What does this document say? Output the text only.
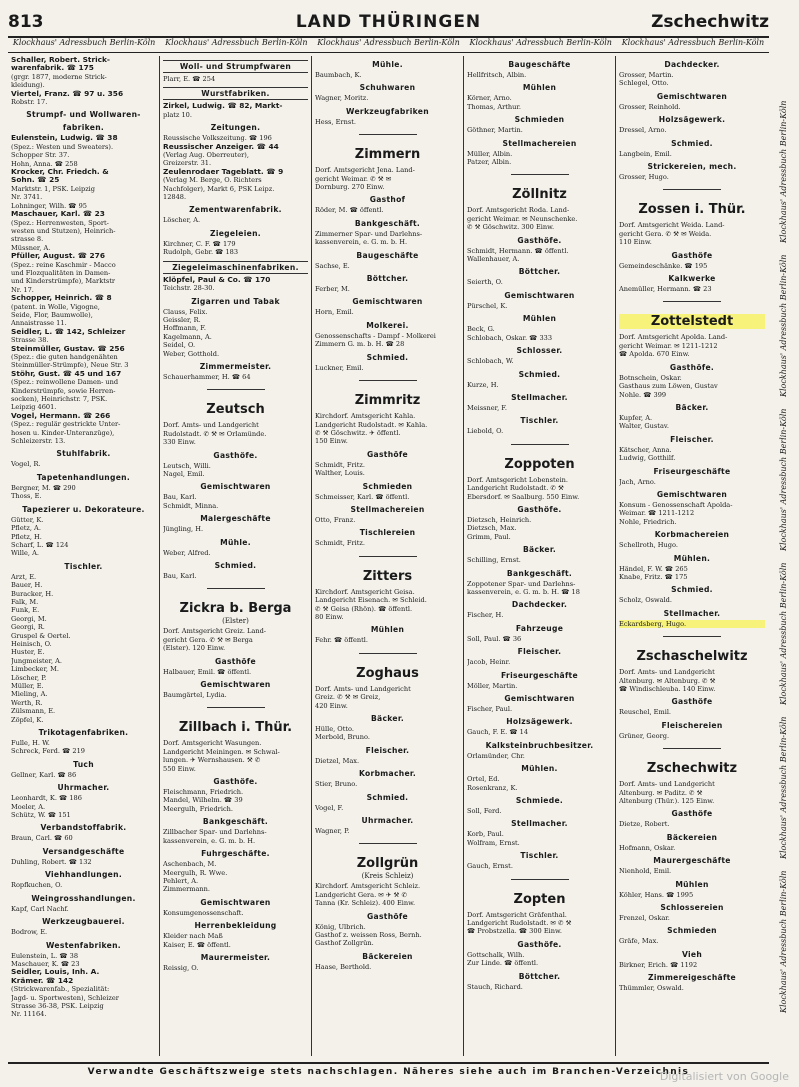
813	LAND THÜRINGEN	Zschechwitz
Klockhaus' Adressbuch Berlin-Köln	Klockhaus' Adressbuch Berlin-Köln	Klockhaus' Adressbuch Berlin-Köln	Klockhaus' Adressbuch Berlin-Köln	Klockhaus' Adressbuch Berlin-Köln
Schaller, Robert. Strick-
warenfabrik. ☎ 175
(grgr. 1877, moderne Strick-
kleidung).
Viertel, Franz. ☎ 97 u. 356
Robstr. 17.
Strumpf- und Wollwaren-
fabriken.
Eulenstein, Ludwig. ☎ 38
(Spez.: Westen und Sweaters).
Schopper Str. 37.
Hohn, Anna. ☎ 258
Krocker, Chr. Friedch. &
Sohn. ☎ 25
Marktstr. 1, PSK. Leipzig
Nr. 3741.
Lohninger, Wilh. ☎ 95
Maschauer, Karl. ☎ 23
(Spez.: Herrenwesten, Sport-
westen und Stutzen), Heinrich-
strasse 8.
Müssner, A.
Pfüller, August. ☎ 276
(Spez.: reine Kaschmir - Macco
und Flozqualitäten in Damen-
und Kinderstrümpfe), Marktstr
Nr. 17.
Schopper, Heinrich. ☎ 8
(patent. in Wolle, Vigogne,
Seide, Flor, Baumwolle),
Annaistrasse 11.
Seidler, L. ☎ 142, Schleizer
Strasse 38.
Steinmüller, Gustav. ☎ 256
(Spez.: die guten handgenähten
Steinmüller-Strümpfe), Neue Str. 3
Stöhr, Gust. ☎ 45 und 167
(Spez.: reinwollene Damen- und
Kinderstrümpfe, sowie Herren-
socken), Heinrichstr. 7, PSK.
Leipzig 4601.
Vogel, Hermann. ☎ 266
(Spez.: regulär gestrickte Unter-
hosen u. Kinder-Unteranzüge),
Schleizerstr. 13.
Stuhlfabrik.
Vogel, R.
Tapetenhandlungen.
Bergner, M. ☎ 290
Thoss, E.
Tapezierer u. Dekorateure.
Gütter, K.
Pfletz, A.
Pfletz, H.
Scharf, L. ☎ 124
Wille, A.
Tischler.
Arzt, E.
Bauer, H.
Buracker, H.
Falk, M.
Funk, E.
Georgi, M.
Georgi, R.
Gruspel & Oertel.
Heinisch, O.
Huster, E.
Jungmeister, A.
Limbecker, M.
Löscher, P.
Müller, E.
Mieling, A.
Werth, R.
Zülsmann, E.
Zöpfel, K.
Trikotagenfabriken.
Fulle, H. W.
Schreck, Ferd. ☎ 219
Tuch
Gellner, Karl. ☎ 86
Uhrmacher.
Leonhardt, K. ☎ 186
Moeler, A.
Schütz, W. ☎ 151
Verbandstoffabrik.
Braun, Carl. ☎ 60
Versandgeschäfte
Duhling, Robert. ☎ 132
Viehhandlungen.
Ropfkuchen, O.
Weingrosshandlungen.
Kapf, Carl Nachf.
Werkzeugbauerei.
Bodrow, E.
Westenfabriken.
Eulenstein, L. ☎ 38
Maschauer, K. ☎ 23
Seidler, Louis, Inh. A.
Krämer. ☎ 142
(Strickwarenfab., Spezialität:
Jagd- u. Sportwesten), Schleizer
Strasse 36-38, PSK. Leipzig
Nr. 11164.
Woll- und Strumpfwaren
Plarr, E. ☎ 254
Wurstfabriken.
Zirkel, Ludwig. ☎ 82, Markt-
platz 10.
Zeitungen.
Reussische Volkszeitung. ☎ 196
Reussischer Anzeiger. ☎ 44
(Verlag Aug. Oberreuter),
Greizerstr. 31.
Zeulenrodaer Tageblatt. ☎ 9
(Verlag M. Berge, O. Richters
Nachfolger), Markt 6, PSK Leipz.
12848.
Zementwarenfabrik.
Löscher, A.
Ziegeleien.
Kirchner, C. F. ☎ 179
Rudolph, Gebr. ☎ 183
Ziegeleimaschinenfabriken.
Klöpfel, Paul & Co. ☎ 170
Teichstr. 28-30.
Zigarren und Tabak
Clauss, Felix.
Geissler, R.
Hoffmann, F.
Kagelmann, A.
Seidel, O.
Weber, Gotthold.
Zimmermeister.
Schauerhammer, H. ☎ 64
Zeutsch
Dorf. Amts- und Landgericht
Rudolstadt. ✆ ⚒ ✉ Orlamünde.
330 Einw.
Gasthöfe.
Leutsch, Willi.
Nagel, Emil.
Gemischtwaren
Bau, Karl.
Schmidt, Minna.
Malergeschäfte
Jüngling, H.
Mühle.
Weber, Alfred.
Schmied.
Bau, Karl.
Zickra b. Berga
(Elster)
Dorf. Amtsgericht Greiz. Land-
gericht Gera. ✆ ⚒ ✉ Berga
(Elster). 120 Einw.
Gasthöfe
Halbauer, Emil. ☎ öffentl.
Gemischtwaren
Baumgärtel, Lydia.
Zillbach i. Thür.
Dorf. Amtsgericht Wasungen.
Landgericht Meiningen. ✉ Schwal-
lungen. ✈ Wernshausen. ⚒ ✆
550 Einw.
Gasthöfe.
Fleischmann, Friedrich.
Mandel, Wilhelm. ☎ 39
Meergulh, Friedrich.
Bankgeschäft.
Zillbacher Spar- und Darlehns-
kassenverein, e. G. m. b. H.
Fuhrgeschäfte.
Aschenbach, M.
Meergulh, R. Wwe.
Pehlert, A.
Zimmermann.
Gemischtwaren
Konsumgenossenschaft.
Herrenbekleidung
Kleider nach Maß
Kaiser, E. ☎ öffentl.
Maurermeister.
Reissig, O.
Mühle.
Baumbach, K.
Schuhwaren
Wagner, Moritz.
Werkzeugfabriken
Hess, Ernst.
Zimmern
Dorf. Amtsgericht Jena. Land-
gericht Weimar. ✆ ⚒ ✉
Dornburg. 270 Einw.
Gasthof
Röder, M. ☎ öffentl.
Bankgeschäft.
Zimmerner Spar- und Darlehns-
kassenverein, e. G. m. b. H.
Baugeschäfte
Sachse, E.
Böttcher.
Ferber, M.
Gemischtwaren
Horn, Emil.
Molkerei.
Genossenschafts - Dampf - Molkerei
Zimmern G. m. b. H. ☎ 28
Schmied.
Luckner, Emil.
Zimmritz
Kirchdorf. Amtsgericht Kahla.
Landgericht Rudolstadt. ✉ Kahla.
✆ ⚒ Göschwitz. ✈ öffentl.
150 Einw.
Gasthöfe
Schmidt, Fritz.
Walther, Louis.
Schmieden
Schmeisser, Karl. ☎ öffentl.
Stellmachereien
Otto, Franz.
Tischlereien
Schmidt, Fritz.
Zitters
Kirchdorf. Amtsgericht Geisa.
Landgericht Eisenach. ✉ Schleid.
✆ ⚒ Geisa (Rhön). ☎ öffentl.
80 Einw.
Mühlen
Fehr. ☎ öffentl.
Zoghaus
Dorf. Amts- und Landgericht
Greiz. ✆ ⚒ ✉ Greiz,
420 Einw.
Bäcker.
Hülle, Otto.
Merbold, Bruno.
Fleischer.
Dietzel, Max.
Korbmacher.
Stier, Bruno.
Schmied.
Vogel, F.
Uhrmacher.
Wagner, P.
Zollgrün
(Kreis Schleiz)
Kirchdorf. Amtsgericht Schleiz.
Landgericht Gera. ✉ ✈ ⚒ ✆
Tanna (Kr. Schleiz). 400 Einw.
Gasthöfe
König, Ulbrich.
Gasthof z. weissen Ross, Bernh.
Gasthof Zollgrün.
Bäckereien
Haase, Berthold.
Baugeschäfte
Hellfritsch, Albin.
Mühlen
Körner, Arno.
Thomas, Arthur.
Schmieden
Göthner, Martin.
Stellmachereien
Müller, Albin.
Patzer, Albin.
Zöllnitz
Dorf. Amtsgericht Roda. Land-
gericht Weimar. ✉ Neunschenke.
✆ ⚒ Göschwitz. 300 Einw.
Gasthöfe.
Schmidt, Hermann. ☎ öffentl.
Wallenhauer, A.
Böttcher.
Seierth, O.
Gemischtwaren
Pürschel, K.
Mühlen
Beck, G.
Schlobach, Oskar. ☎ 333
Schlosser.
Schlobach, W.
Schmied.
Kurze, H.
Stellmacher.
Meissner, F.
Tischler.
Liebold, O.
Zoppoten
Dorf. Amtsgericht Lobenstein.
Landgericht Rudolstadt. ✆ ⚒
Ebersdorf. ✉ Saalburg. 550 Einw.
Gasthöfe.
Dietzsch, Heinrich.
Dietzsch, Max.
Grimm, Paul.
Bäcker.
Schilling, Ernst.
Bankgeschäft.
Zoppotener Spar- und Darlehns-
kassenverein, e. G. m. b. H. ☎ 18
Dachdecker.
Fischer, H.
Fahrzeuge
Soll, Paul. ☎ 36
Fleischer.
Jacob, Heinr.
Friseurgeschäfte
Möller, Martin.
Gemischtwaren
Fischer, Paul.
Holzsägewerk.
Gauch, F. E. ☎ 14
Kalksteinbruchbesitzer.
Orlamünder, Chr.
Mühlen.
Ortel, Ed.
Rosenkranz, K.
Schmiede.
Soll, Ferd.
Stellmacher.
Korb, Paul.
Wolfram, Ernst.
Tischler.
Gauch, Ernst.
Zopten
Dorf. Amtsgericht Gräfenthal.
Landgericht Rudolstadt. ✉ ✆ ⚒
☎ Probstzella. ☎ 300 Einw.
Gasthöfe.
Gottschalk, Wilh.
Zur Linde. ☎ öffentl.
Böttcher.
Stauch, Richard.
Dachdecker.
Grosser, Martin.
Schlegel, Otto.
Gemischtwaren
Grosser, Reinhold.
Holzsägewerk.
Dressel, Arno.
Schmied.
Langbein, Emil.
Strickereien, mech.
Grosser, Hugo.
Zossen i. Thür.
Dorf. Amtsgericht Weida. Land-
gericht Gera. ✆ ⚒ ✉ Weida.
110 Einw.
Gasthöfe
Gemeindeschänke. ☎ 195
Kalkwerke
Anemüller, Hermann. ☎ 23
Zottelstedt
Dorf. Amtsgericht Apolda. Land-
gericht Weimar. ✉ 1211-1212
☎ Apolda. 670 Einw.
Gasthöfe.
Botnschein, Oskar.
Gasthaus zum Löwen, Gustav
Nohle. ☎ 399
Bäcker.
Kupfer, A.
Walter, Gustav.
Fleischer.
Kätscher, Anna.
Ludwig, Gotthilf.
Friseurgeschäfte
Jach, Arno.
Gemischtwaren
Konsum - Genossenschaft Apolda-
Weimar. ☎ 1211-1212
Nohle, Friedrich.
Korbmachereien
Schellroth, Hugo.
Mühlen.
Händel, F. W. ☎ 265
Knabe, Fritz. ☎ 175
Schmied.
Scholz, Oswald.
Stellmacher.
Eckardsberg, Hugo.
Zschaschelwitz
Dorf. Amts- und Landgericht
Altenburg. ✉ Altenburg. ✆ ⚒
☎ Windischleuba. 140 Einw.
Gasthöfe
Reuschel, Emil.
Fleischereien
Grüner, Georg.
Zschechwitz
Dorf. Amts- und Landgericht
Altenburg. ✉ Paditz. ✆ ⚒
Altenburg (Thür.). 125 Einw.
Gasthöfe
Dietze, Robert.
Bäckereien
Hofmann, Oskar.
Maurergeschäfte
Nienhold, Emil.
Mühlen
Köhler, Hans. ☎ 1995
Schlossereien
Frenzel, Oskar.
Schmieden
Gräfe, Max.
Vieh
Birkner, Erich. ☎ 1192
Zimmereigeschäfte
Thümmler, Oswald.
Klockhaus' Adressbuch Berlin-Köln
Klockhaus' Adressbuch Berlin-Köln
Klockhaus' Adressbuch Berlin-Köln
Klockhaus' Adressbuch Berlin-Köln
Klockhaus' Adressbuch Berlin-Köln
Klockhaus' Adressbuch Berlin-Köln
Verwandte Geschäftszweige stets nachschlagen. Näheres siehe auch im Branchen-Verzeichnis
Digitalisiert von Google
